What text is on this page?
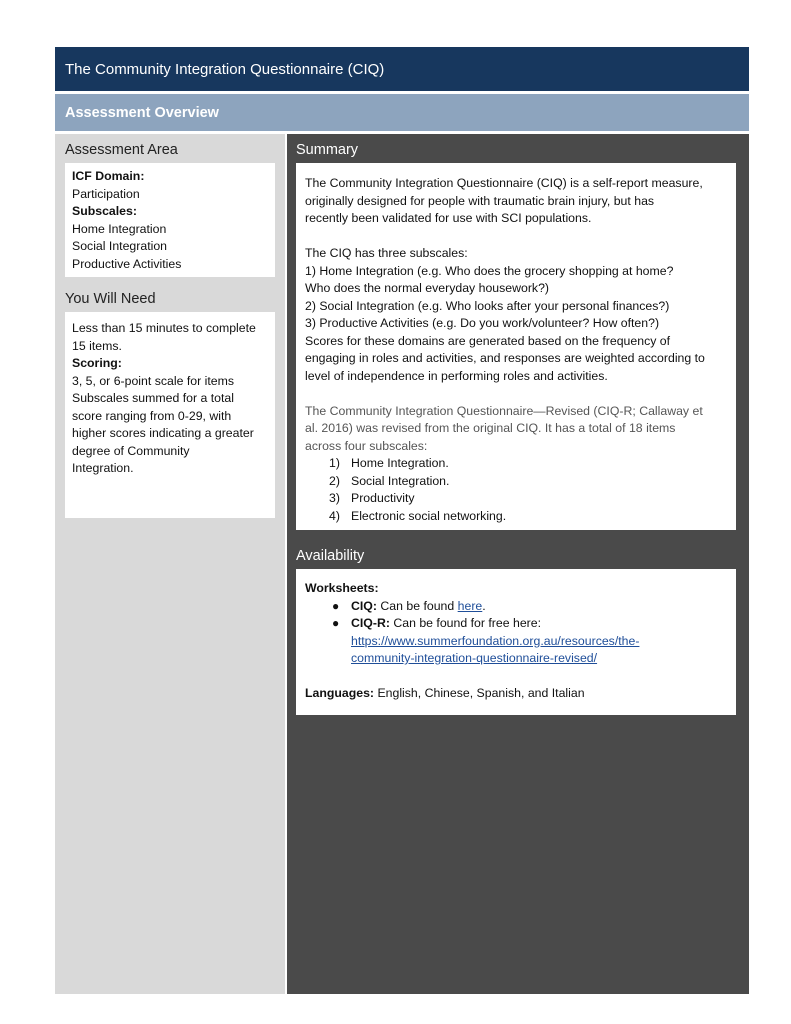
The Community Integration Questionnaire (CIQ)
Assessment Overview
Assessment Area

ICF Domain:

Participation

Subscales:

Home Integration

Social Integration

Productive Activities

You Will Need

Less than 15 minutes to complete

15 items.

Scoring:

3, 5, or 6-point scale for items

Subscales summed for a total

score ranging from 0-29, with

higher scores indicating a greater

degree of Community

Integration.

Summary

The Community Integration Questionnaire (CIQ) is a self-report measure,

originally designed for people with traumatic brain injury, but has

recently been validated for use with SCI populations.

The CIQ has three subscales:

1) Home Integration (e.g. Who does the grocery shopping at home?

Who does the normal everyday housework?)

2) Social Integration (e.g. Who looks after your personal finances?)

3) Productive Activities (e.g. Do you work/volunteer? How often?)

Scores for these domains are generated based on the frequency of

engaging in roles and activities, and responses are weighted according to

level of independence in performing roles and activities.

The Community Integration Questionnaire—Revised (CIQ-R; Callaway et

al. 2016) was revised from the original CIQ. It has a total of 18 items

across four subscales:

1) Home Integration.
2) Social Integration.
3) Productivity
4) Electronic social networking.
Availability

Worksheets:

● CIQ: Can be found here.
● CIQ-R: Can be found for free here:
https://www.summerfoundation.org.au/resources/the-
community-integration-questionnaire-revised/

Languages: English, Chinese, Spanish, and Italian
